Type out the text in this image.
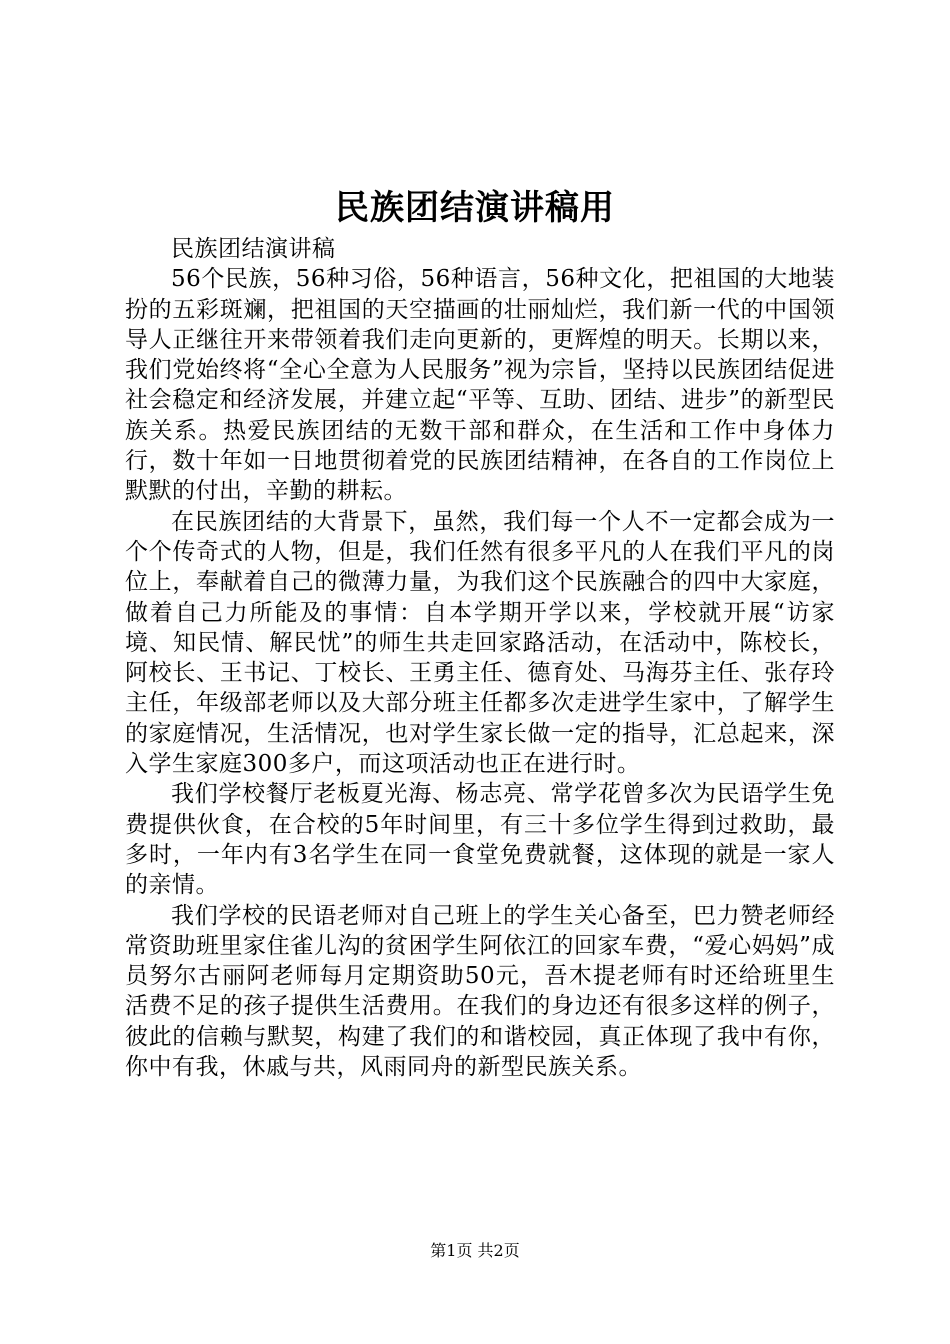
民族团结演讲稿用

民族团结演讲稿

56个民族，56种习俗，56种语言，56种文化，把祖国的大地装扮的五彩斑斓，把祖国的天空描画的壮丽灿烂，我们新一代的中国领导人正继往开来带领着我们走向更新的，更辉煌的明天。长期以来，我们党始终将“全心全意为人民服务”视为宗旨，坚持以民族团结促进社会稳定和经济发展，并建立起“平等、互助、团结、进步”的新型民族关系。热爱民族团结的无数干部和群众，在生活和工作中身体力行，数十年如一日地贯彻着党的民族团结精神，在各自的工作岗位上默默的付出，辛勤的耕耘。

在民族团结的大背景下，虽然，我们每一个人不一定都会成为一个个传奇式的人物，但是，我们任然有很多平凡的人在我们平凡的岗位上，奉献着自己的微薄力量，为我们这个民族融合的四中大家庭，做着自己力所能及的事情：自本学期开学以来，学校就开展“访家境、知民情、解民忧”的师生共走回家路活动，在活动中，陈校长，阿校长、王书记、丁校长、王勇主任、德育处、马海芬主任、张存玲主任，年级部老师以及大部分班主任都多次走进学生家中，了解学生的家庭情况，生活情况，也对学生家长做一定的指导，汇总起来，深入学生家庭300多户，而这项活动也正在进行时。

我们学校餐厅老板夏光海、杨志亮、常学花曾多次为民语学生免费提供伙食，在合校的5年时间里，有三十多位学生得到过救助，最多时，一年内有3名学生在同一食堂免费就餐，这体现的就是一家人的亲情。

我们学校的民语老师对自己班上的学生关心备至，巴力赞老师经常资助班里家住雀儿沟的贫困学生阿依江的回家车费，“爱心妈妈”成员努尔古丽阿老师每月定期资助50元，吾木提老师有时还给班里生活费不足的孩子提供生活费用。在我们的身边还有很多这样的例子，彼此的信赖与默契，构建了我们的和谐校园，真正体现了我中有你，你中有我，休戚与共，风雨同舟的新型民族关系。

第1页 共2页
